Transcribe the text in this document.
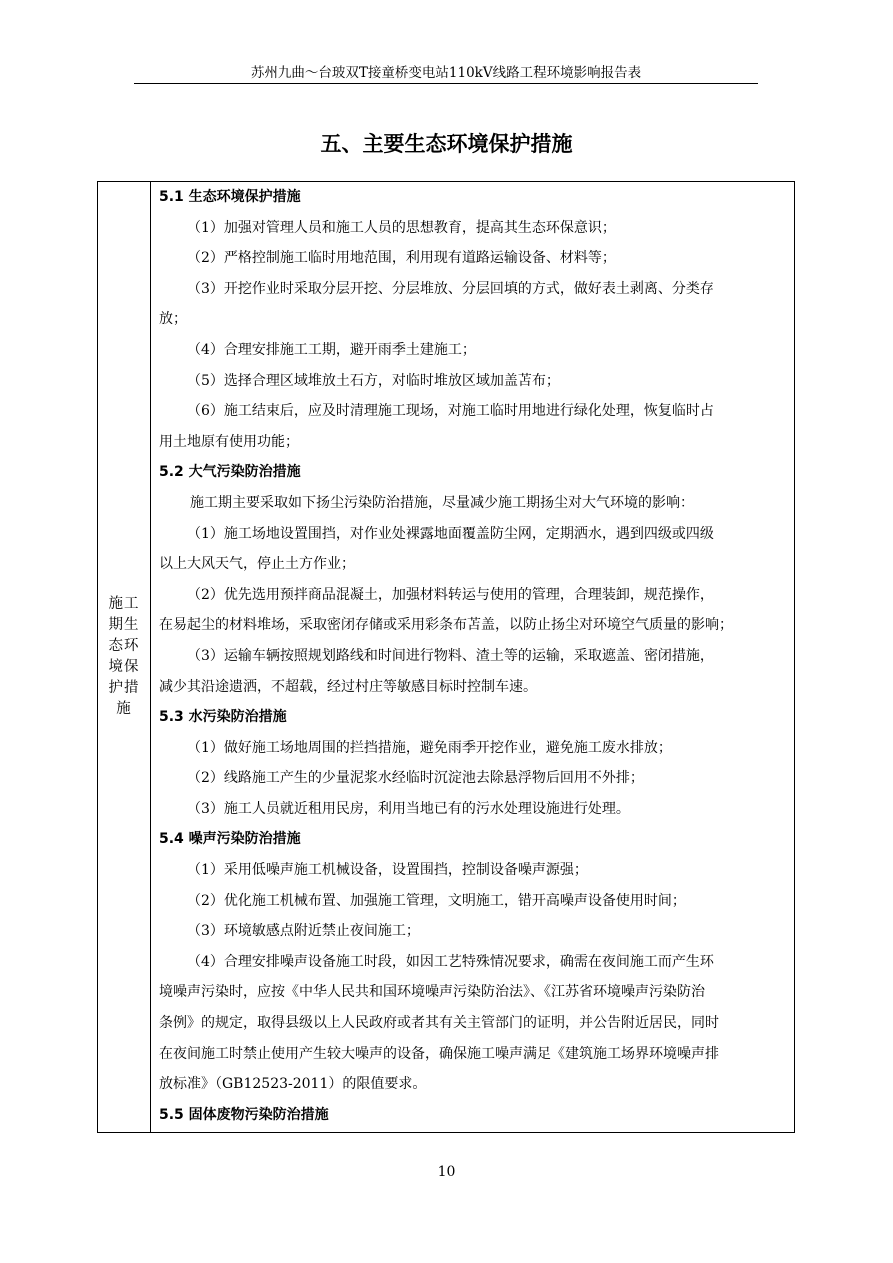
苏州九曲～台玻双T接童桥变电站110kV线路工程环境影响报告表
五、主要生态环境保护措施
施工期生态环境保护措施
5.1 生态环境保护措施
（1）加强对管理人员和施工人员的思想教育，提高其生态环保意识；
（2）严格控制施工临时用地范围，利用现有道路运输设备、材料等；
（3）开挖作业时采取分层开挖、分层堆放、分层回填的方式，做好表土剥离、分类存
放；
（4）合理安排施工工期，避开雨季土建施工；
（5）选择合理区域堆放土石方，对临时堆放区域加盖苫布；
（6）施工结束后，应及时清理施工现场，对施工临时用地进行绿化处理，恢复临时占
用土地原有使用功能；
5.2 大气污染防治措施
施工期主要采取如下扬尘污染防治措施，尽量减少施工期扬尘对大气环境的影响：
（1）施工场地设置围挡，对作业处裸露地面覆盖防尘网，定期洒水，遇到四级或四级
以上大风天气，停止土方作业；
（2）优先选用预拌商品混凝土，加强材料转运与使用的管理，合理装卸，规范操作，
在易起尘的材料堆场，采取密闭存储或采用彩条布苫盖，以防止扬尘对环境空气质量的影响；
（3）运输车辆按照规划路线和时间进行物料、渣土等的运输，采取遮盖、密闭措施，
减少其沿途遗洒，不超载，经过村庄等敏感目标时控制车速。
5.3 水污染防治措施
（1）做好施工场地周围的拦挡措施，避免雨季开挖作业，避免施工废水排放；
（2）线路施工产生的少量泥浆水经临时沉淀池去除悬浮物后回用不外排；
（3）施工人员就近租用民房，利用当地已有的污水处理设施进行处理。
5.4 噪声污染防治措施
（1）采用低噪声施工机械设备，设置围挡，控制设备噪声源强；
（2）优化施工机械布置、加强施工管理，文明施工，错开高噪声设备使用时间；
（3）环境敏感点附近禁止夜间施工；
（4）合理安排噪声设备施工时段，如因工艺特殊情况要求，确需在夜间施工而产生环
境噪声污染时，应按《中华人民共和国环境噪声污染防治法》、《江苏省环境噪声污染防治
条例》的规定，取得县级以上人民政府或者其有关主管部门的证明，并公告附近居民，同时
在夜间施工时禁止使用产生较大噪声的设备，确保施工噪声满足《建筑施工场界环境噪声排
放标准》（GB12523-2011）的限值要求。
5.5 固体废物污染防治措施
10
